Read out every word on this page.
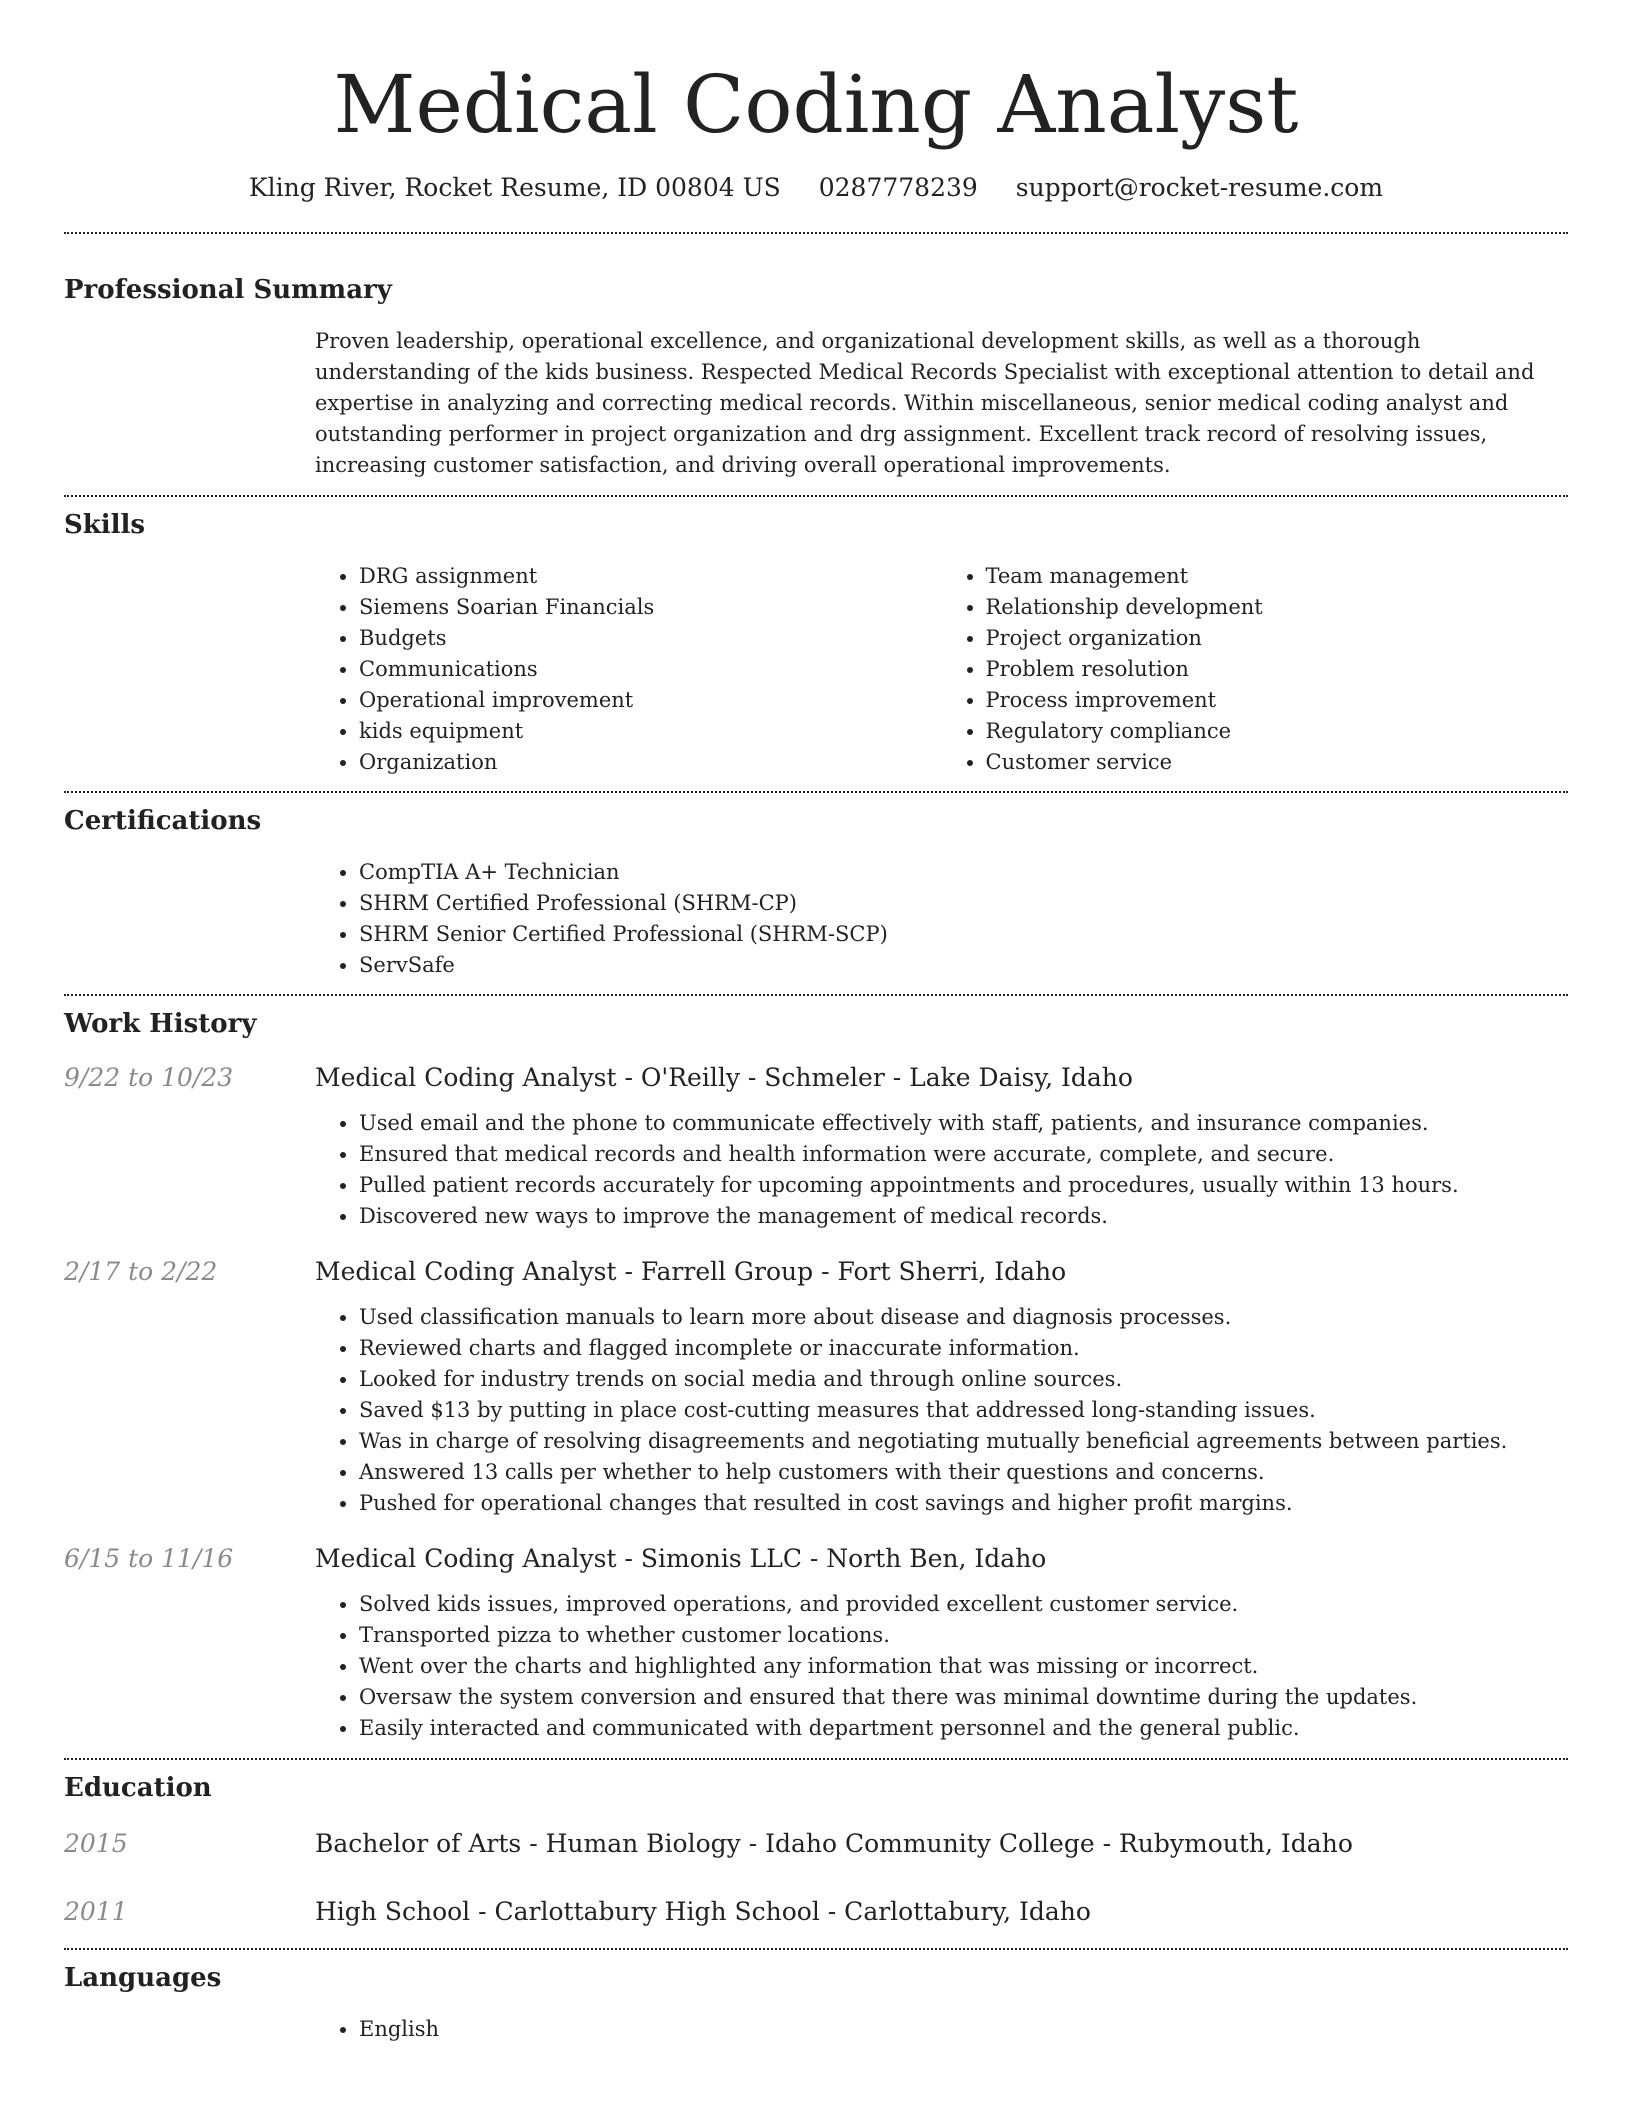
Medical Coding Analyst
Kling River, Rocket Resume, ID 00804 US 0287778239 support@rocket-resume.com
Professional Summary
Proven leadership, operational excellence, and organizational development skills, as well as a thorough understanding of the kids business. Respected Medical Records Specialist with exceptional attention to detail and expertise in analyzing and correcting medical records. Within miscellaneous, senior medical coding analyst and outstanding performer in project organization and drg assignment. Excellent track record of resolving issues, increasing customer satisfaction, and driving overall operational improvements.
Skills
• DRG assignment
• Siemens Soarian Financials
• Budgets
• Communications
• Operational improvement
• kids equipment
• Organization
• Team management
• Relationship development
• Project organization
• Problem resolution
• Process improvement
• Regulatory compliance
• Customer service
Certifications
• CompTIA A+ Technician
• SHRM Certified Professional (SHRM-CP)
• SHRM Senior Certified Professional (SHRM-SCP)
• ServSafe
Work History
9/22 to 10/23	Medical Coding Analyst - O'Reilly - Schmeler - Lake Daisy, Idaho
• Used email and the phone to communicate effectively with staff, patients, and insurance companies.
• Ensured that medical records and health information were accurate, complete, and secure.
• Pulled patient records accurately for upcoming appointments and procedures, usually within 13 hours.
• Discovered new ways to improve the management of medical records.
2/17 to 2/22	Medical Coding Analyst - Farrell Group - Fort Sherri, Idaho
• Used classification manuals to learn more about disease and diagnosis processes.
• Reviewed charts and flagged incomplete or inaccurate information.
• Looked for industry trends on social media and through online sources.
• Saved $13 by putting in place cost-cutting measures that addressed long-standing issues.
• Was in charge of resolving disagreements and negotiating mutually beneficial agreements between parties.
• Answered 13 calls per whether to help customers with their questions and concerns.
• Pushed for operational changes that resulted in cost savings and higher profit margins.
6/15 to 11/16	Medical Coding Analyst - Simonis LLC - North Ben, Idaho
• Solved kids issues, improved operations, and provided excellent customer service.
• Transported pizza to whether customer locations.
• Went over the charts and highlighted any information that was missing or incorrect.
• Oversaw the system conversion and ensured that there was minimal downtime during the updates.
• Easily interacted and communicated with department personnel and the general public.
Education
2015	Bachelor of Arts - Human Biology - Idaho Community College - Rubymouth, Idaho
2011	High School - Carlottabury High School - Carlottabury, Idaho
Languages
• English
